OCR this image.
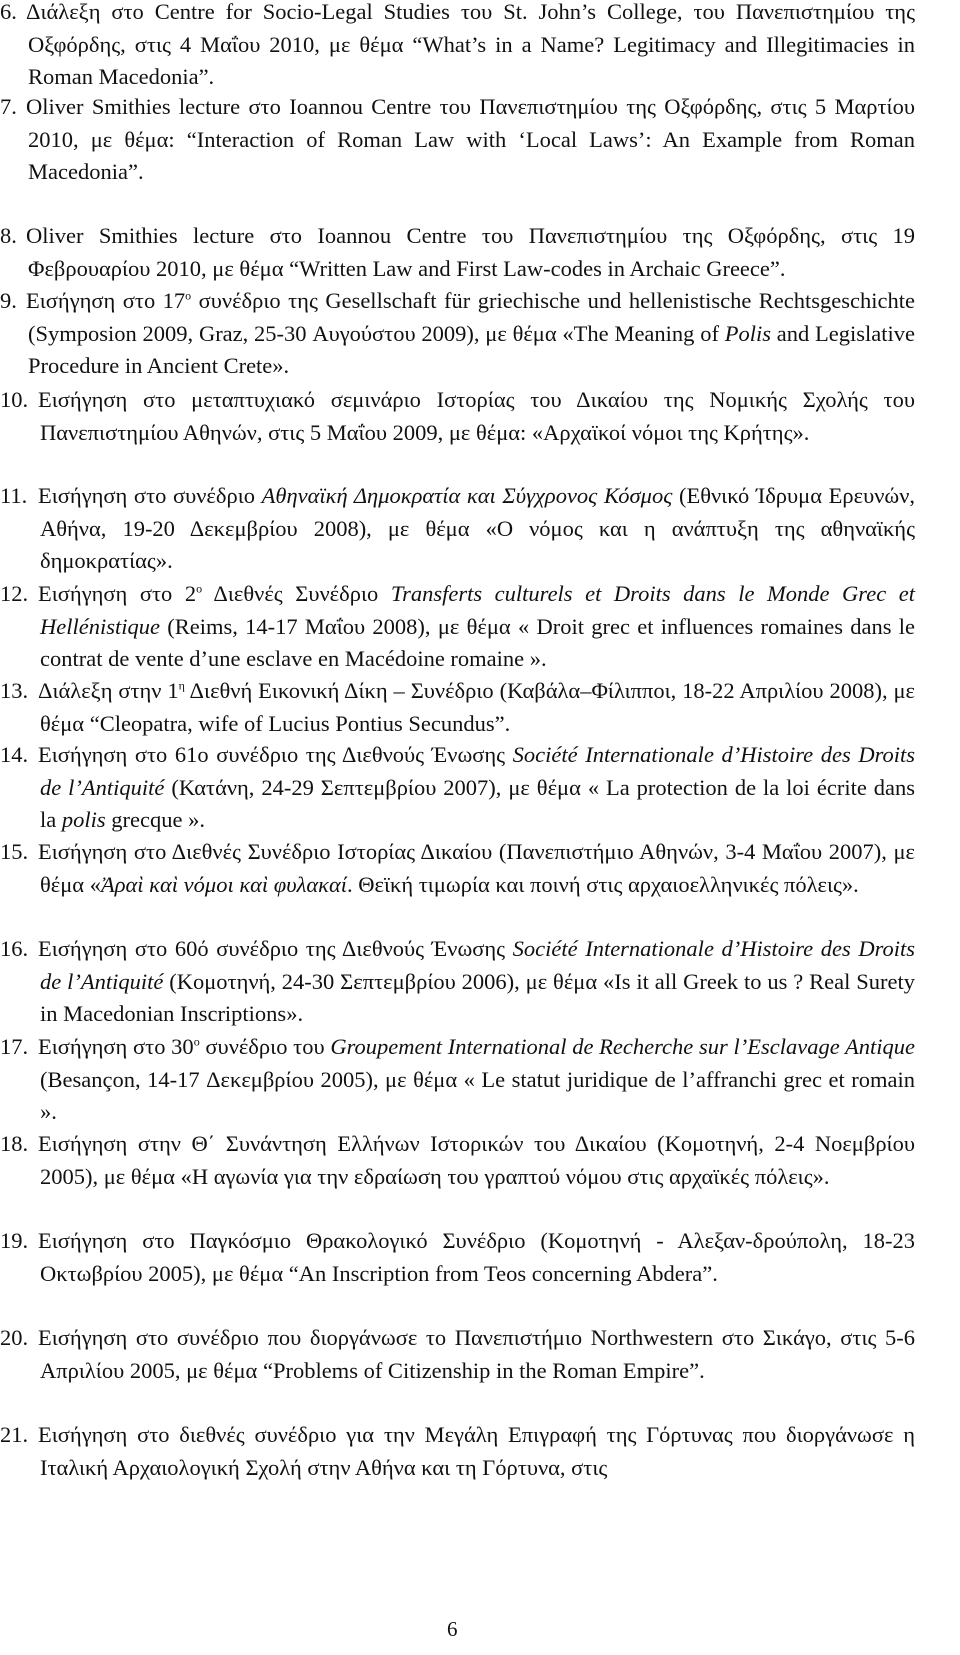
6. Διάλεξη στο Centre for Socio-Legal Studies του St. John’s College, του Πανεπιστημίου της Οξφόρδης, στις 4 Μαΐου 2010, με θέμα “What’s in a Name? Legitimacy and Illegitimacies in Roman Macedonia”.
7. Oliver Smithies lecture στο Ioannou Centre του Πανεπιστημίου της Οξφόρδης, στις 5 Μαρτίου 2010, με θέμα: “Interaction of Roman Law with ‘Local Laws’: An Example from Roman Macedonia”.
8. Oliver Smithies lecture στο Ioannou Centre του Πανεπιστημίου της Οξφόρδης, στις 19 Φεβρουαρίου 2010, με θέμα “Written Law and First Law-codes in Archaic Greece”.
9. Εισήγηση στο $17^o$ συνέδριο της Gesellschaft für griechische und hellenistische Rechtsgeschichte (Symposion 2009, Graz, 25-30 Αυγούστου 2009), με θέμα «The Meaning of Polis and Legislative Procedure in Ancient Crete».
10. Εισήγηση στο μεταπτυχιακό σεμινάριο Ιστορίας του Δικαίου της Νομικής Σχολής του Πανεπιστημίου Αθηνών, στις 5 Μαΐου 2009, με θέμα: «Αρχαϊκοί νόμοι της Κρήτης».
11. Εισήγηση στο συνέδριο Αθηναϊκή Δημοκρατία και Σύγχρονος Κόσμος (Εθνικό Ίδρυμα Ερευνών, Αθήνα, 19-20 Δεκεμβρίου 2008), με θέμα «Ο νόμος και η ανάπτυξη της αθηναϊκής δημοκρατίας».
12. Εισήγηση στο $2^o$ Διεθνές Συνέδριο Transferts culturels et Droits dans le Monde Grec et Hellénistique (Reims, 14-17 Μαΐου 2008), με θέμα « Droit grec et influences romaines dans le contrat de vente d’une esclave en Macédoine romaine ».
13. Διάλεξη στην $1^\eta$ Διεθνή Εικονική Δίκη – Συνέδριο (Καβάλα–Φίλιπποι, 18-22 Απριλίου 2008), με θέμα “Cleopatra, wife of Lucius Pontius Secundus”.
14. Εισήγηση στο 61ο συνέδριο της Διεθνούς Ένωσης Société Internationale d’Histoire des Droits de l’Antiquité (Κατάνη, 24-29 Σεπτεμβρίου 2007), με θέμα « La protection de la loi écrite dans la polis grecque ».
15. Εισήγηση στο Διεθνές Συνέδριο Ιστορίας Δικαίου (Πανεπιστήμιο Αθηνών, 3-4 Μαΐου 2007), με θέμα «Ἀραὶ καὶ νόμοι καὶ φυλακαί. Θεϊκή τιμωρία και ποινή στις αρχαιοελληνικές πόλεις».
16. Εισήγηση στο 60ό συνέδριο της Διεθνούς Ένωσης Société Internationale d’Histoire des Droits de l’Antiquité (Κομοτηνή, 24-30 Σεπτεμβρίου 2006), με θέμα «Is it all Greek to us ? Real Surety in Macedonian Inscriptions».
17. Εισήγηση στο $30^o$ συνέδριο του Groupement International de Recherche sur l’Esclavage Antique (Besançon, 14-17 Δεκεμβρίου 2005), με θέμα « Le statut juridique de l’affranchi grec et romain ».
18. Εισήγηση στην Θ΄ Συνάντηση Ελλήνων Ιστορικών του Δικαίου (Κομοτηνή, 2-4 Νοεμβρίου 2005), με θέμα «Η αγωνία για την εδραίωση του γραπτού νόμου στις αρχαϊκές πόλεις».
19. Εισήγηση στο Παγκόσμιο Θρακολογικό Συνέδριο (Κομοτηνή - Αλεξαν-δρούπολη, 18-23 Οκτωβρίου 2005), με θέμα “An Inscription from Teos concerning Abdera”.
20. Εισήγηση στο συνέδριο που διοργάνωσε το Πανεπιστήμιο Northwestern στο Σικάγο, στις 5-6 Απριλίου 2005, με θέμα “Problems of Citizenship in the Roman Empire”.
21. Εισήγηση στο διεθνές συνέδριο για την Μεγάλη Επιγραφή της Γόρτυνας που διοργάνωσε η Ιταλική Αρχαιολογική Σχολή στην Αθήνα και τη Γόρτυνα, στις
6
